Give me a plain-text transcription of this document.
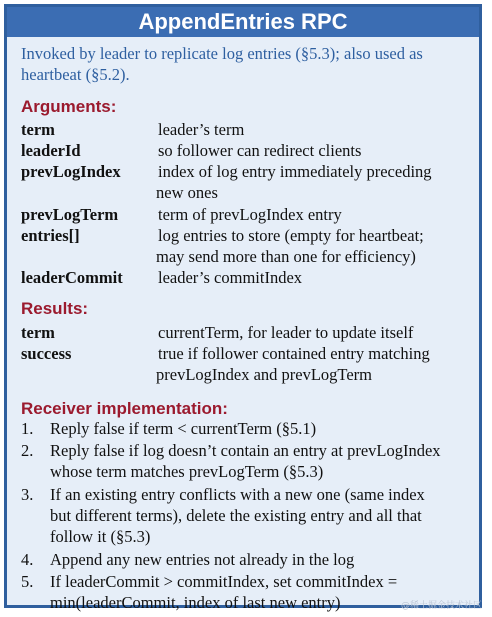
AppendEntries RPC
Invoked by leader to replicate log entries (§5.3); also used as
heartbeat (§5.2).
Arguments:
term	leader’s term
leaderId	so follower can redirect clients
prevLogIndex index of log entry immediately preceding
new ones
prevLogTerm term of prevLogIndex entry
entries[]	log entries to store (empty for heartbeat;
may send more than one for efficiency)
leaderCommit leader’s commitIndex
Results:
term	currentTerm, for leader to update itself
success	true if follower contained entry matching
prevLogIndex and prevLogTerm
Receiver implementation:
1. Reply false if term < currentTerm (§5.1)
2. Reply false if log doesn’t contain an entry at prevLogIndex
whose term matches prevLogTerm (§5.3)
3. If an existing entry conflicts with a new one (same index
but different terms), delete the existing entry and all that
follow it (§5.3)
4. Append any new entries not already in the log
5. If leaderCommit > commitIndex, set commitIndex =
min(leaderCommit, index of last new entry)	@稀土掘金技术社区
